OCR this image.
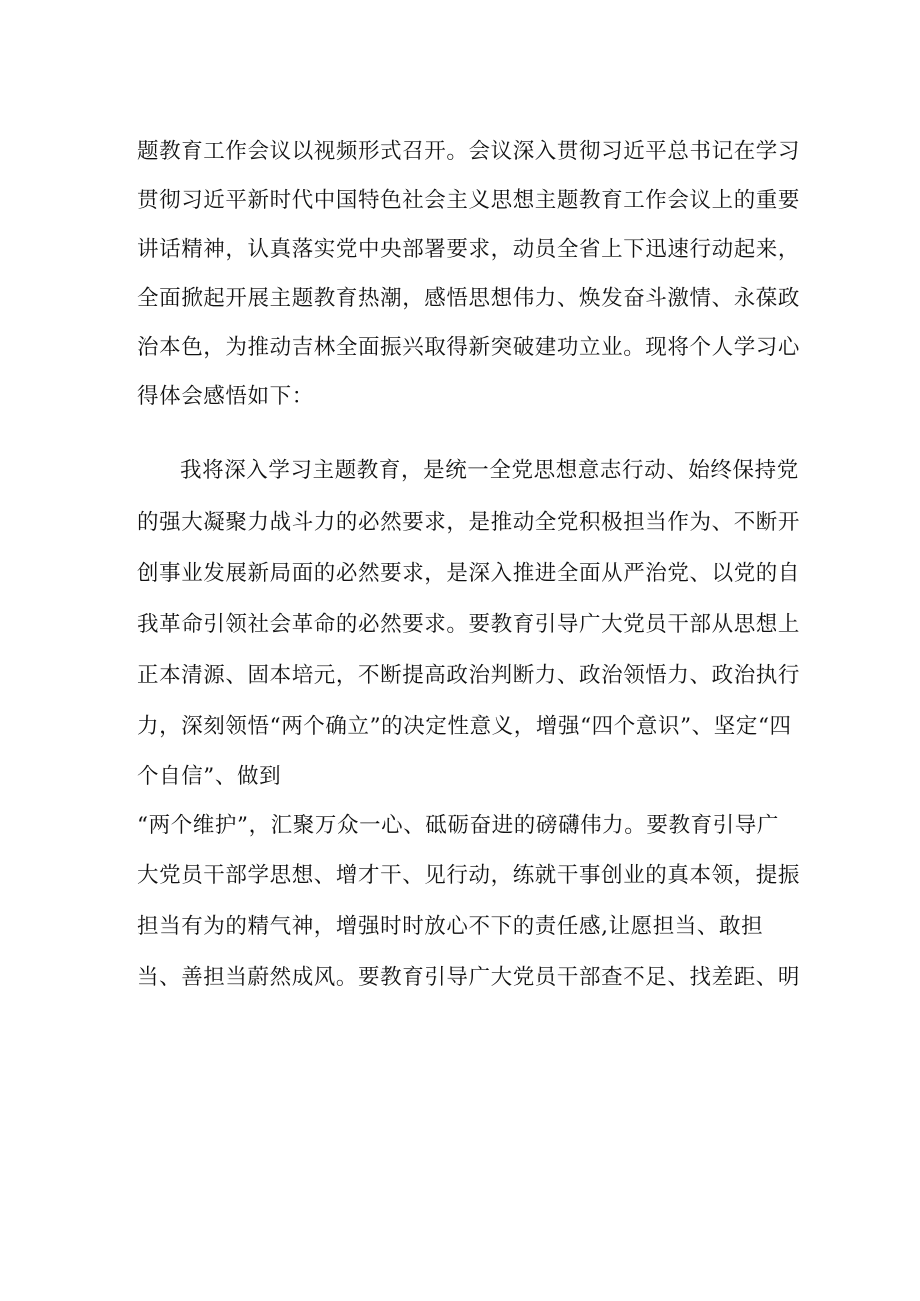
题教育工作会议以视频形式召开。会议深入贯彻习近平总书记在学习
贯彻习近平新时代中国特色社会主义思想主题教育工作会议上的重要
讲话精神，认真落实党中央部署要求，动员全省上下迅速行动起来，
全面掀起开展主题教育热潮，感悟思想伟力、焕发奋斗激情、永葆政
治本色，为推动吉林全面振兴取得新突破建功立业。现将个人学习心
得体会感悟如下：
我将深入学习主题教育，是统一全党思想意志行动、始终保持党
的强大凝聚力战斗力的必然要求，是推动全党积极担当作为、不断开
创事业发展新局面的必然要求，是深入推进全面从严治党、以党的自
我革命引领社会革命的必然要求。要教育引导广大党员干部从思想上
正本清源、固本培元，不断提高政治判断力、政治领悟力、政治执行
力，深刻领悟“两个确立”的决定性意义，增强“四个意识”、坚定“四
个自信”、做到
“两个维护”，汇聚万众一心、砥砺奋进的磅礴伟力。要教育引导广
大党员干部学思想、增才干、见行动，练就干事创业的真本领，提振
担当有为的精气神，增强时时放心不下的责任感,让愿担当、敢担
当、善担当蔚然成风。要教育引导广大党员干部查不足、找差距、明
